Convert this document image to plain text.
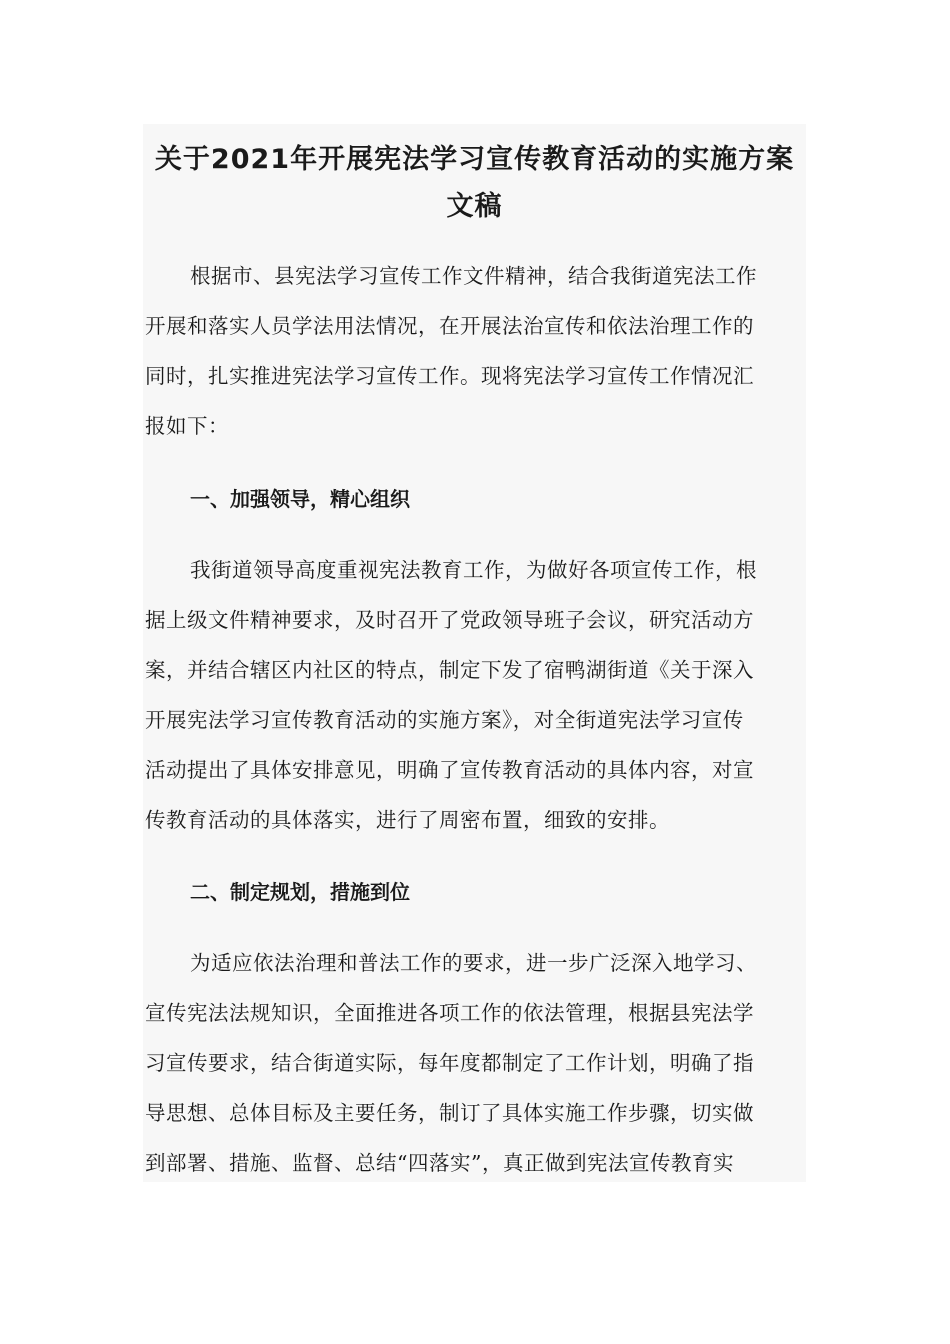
关于2021年开展宪法学习宣传教育活动的实施方案
文稿
根据市、县宪法学习宣传工作文件精神，结合我街道宪法工作
开展和落实人员学法用法情况，在开展法治宣传和依法治理工作的
同时，扎实推进宪法学习宣传工作。现将宪法学习宣传工作情况汇
报如下：
一、加强领导，精心组织
我街道领导高度重视宪法教育工作，为做好各项宣传工作，根
据上级文件精神要求，及时召开了党政领导班子会议，研究活动方
案，并结合辖区内社区的特点，制定下发了宿鸭湖街道《关于深入
开展宪法学习宣传教育活动的实施方案》，对全街道宪法学习宣传
活动提出了具体安排意见，明确了宣传教育活动的具体内容，对宣
传教育活动的具体落实，进行了周密布置，细致的安排。
二、制定规划，措施到位
为适应依法治理和普法工作的要求，进一步广泛深入地学习、
宣传宪法法规知识，全面推进各项工作的依法管理，根据县宪法学
习宣传要求，结合街道实际，每年度都制定了工作计划，明确了指
导思想、总体目标及主要任务，制订了具体实施工作步骤，切实做
到部署、措施、监督、总结“四落实”，真正做到宪法宣传教育实
